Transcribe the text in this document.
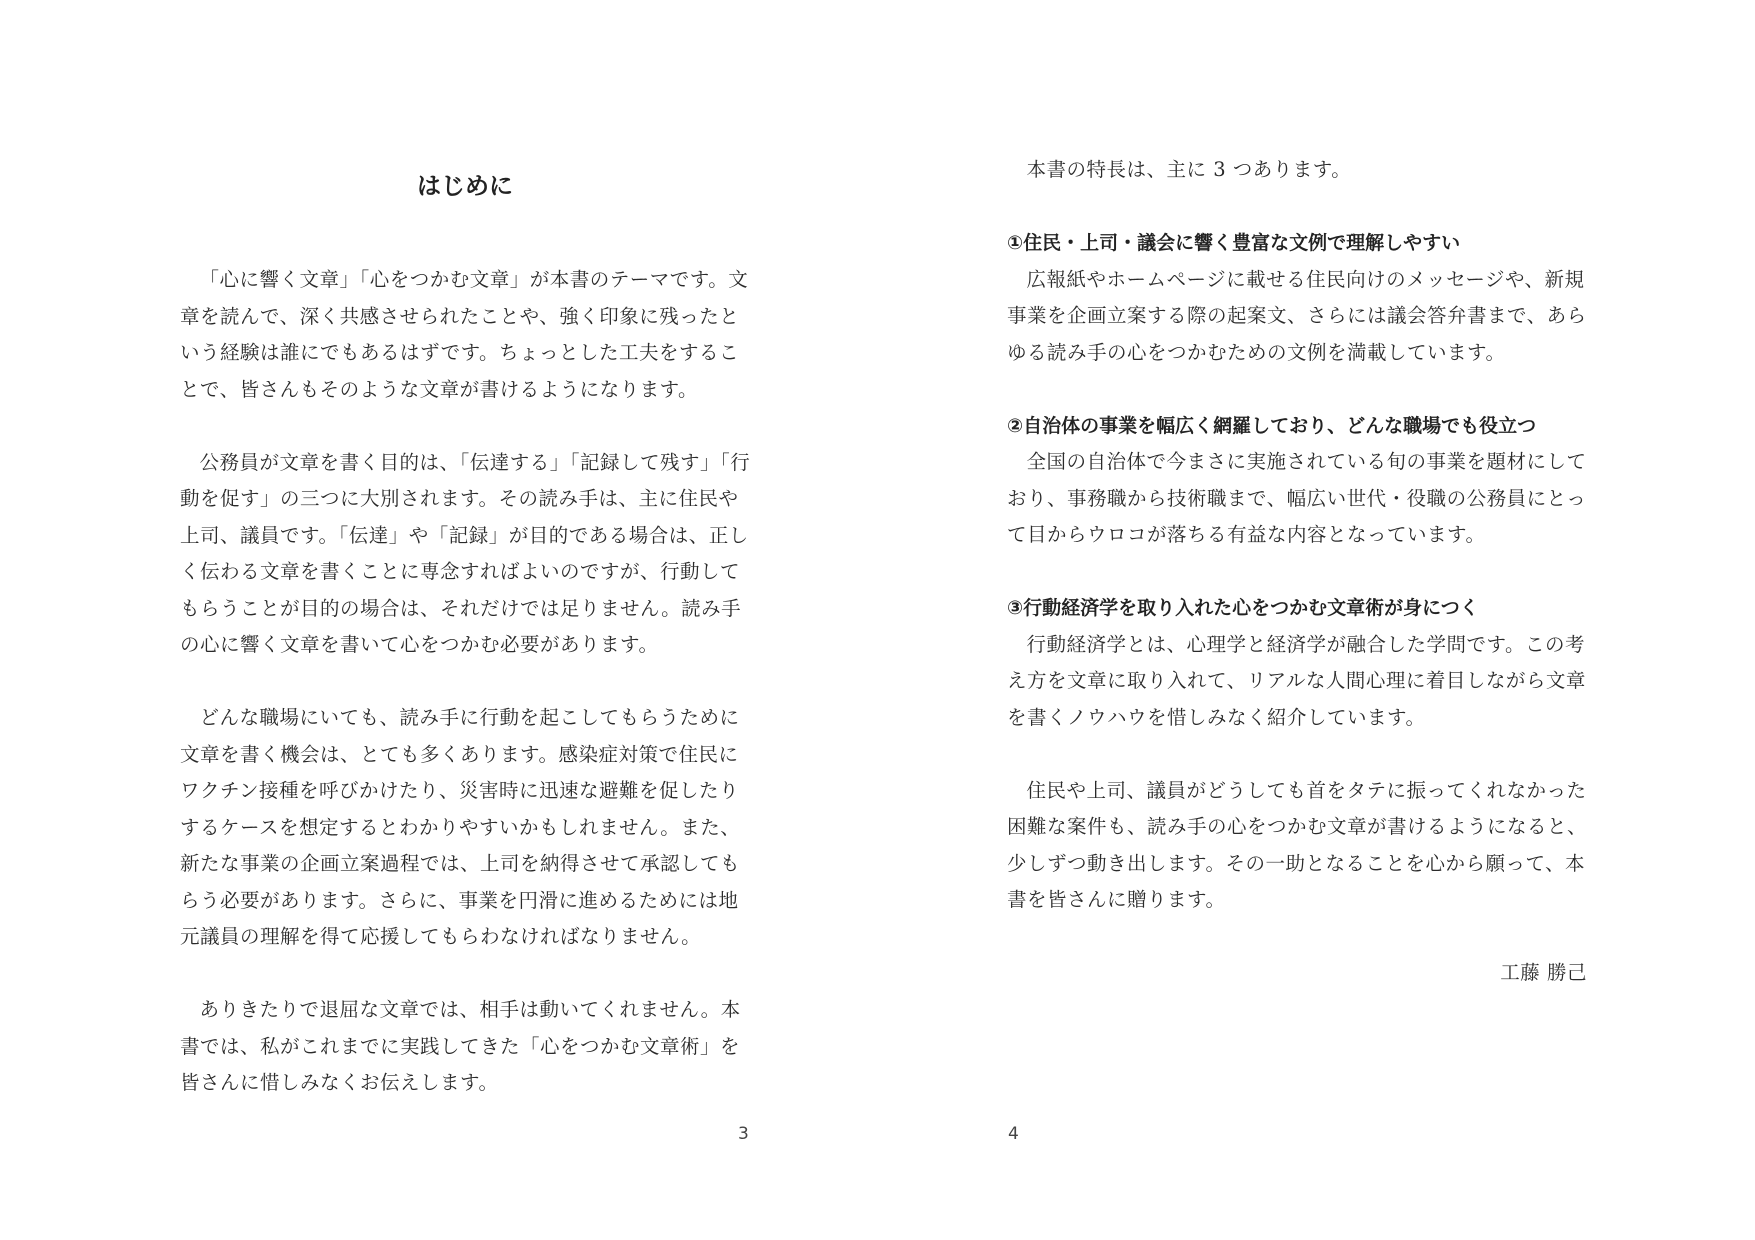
はじめに

「心に響く文章」「心をつかむ文章」が本書のテーマです。文章を読んで、深く共感させられたことや、強く印象に残ったという経験は誰にでもあるはずです。ちょっとした工夫をすることで、皆さんもそのような文章が書けるようになります。

公務員が文章を書く目的は、「伝達する」「記録して残す」「行動を促す」の三つに大別されます。その読み手は、主に住民や上司、議員です。「伝達」や「記録」が目的である場合は、正しく伝わる文章を書くことに専念すればよいのですが、行動してもらうことが目的の場合は、それだけでは足りません。読み手の心に響く文章を書いて心をつかむ必要があります。

どんな職場にいても、読み手に行動を起こしてもらうために文章を書く機会は、とても多くあります。感染症対策で住民にワクチン接種を呼びかけたり、災害時に迅速な避難を促したりするケースを想定するとわかりやすいかもしれません。また、新たな事業の企画立案過程では、上司を納得させて承認してもらう必要があります。さらに、事業を円滑に進めるためには地元議員の理解を得て応援してもらわなければなりません。

ありきたりで退屈な文章では、相手は動いてくれません。本書では、私がこれまでに実践してきた「心をつかむ文章術」を皆さんに惜しみなくお伝えします。

3

本書の特長は、主に 3 つあります。

①住民・上司・議会に響く豊富な文例で理解しやすい

広報紙やホームページに載せる住民向けのメッセージや、新規事業を企画立案する際の起案文、さらには議会答弁書まで、あらゆる読み手の心をつかむための文例を満載しています。

②自治体の事業を幅広く網羅しており、どんな職場でも役立つ

全国の自治体で今まさに実施されている旬の事業を題材にしており、事務職から技術職まで、幅広い世代・役職の公務員にとって目からウロコが落ちる有益な内容となっています。

③行動経済学を取り入れた心をつかむ文章術が身につく

行動経済学とは、心理学と経済学が融合した学問です。この考え方を文章に取り入れて、リアルな人間心理に着目しながら文章を書くノウハウを惜しみなく紹介しています。

住民や上司、議員がどうしても首をタテに振ってくれなかった困難な案件も、読み手の心をつかむ文章が書けるようになると、少しずつ動き出します。その一助となることを心から願って、本書を皆さんに贈ります。

工藤 勝己

4
